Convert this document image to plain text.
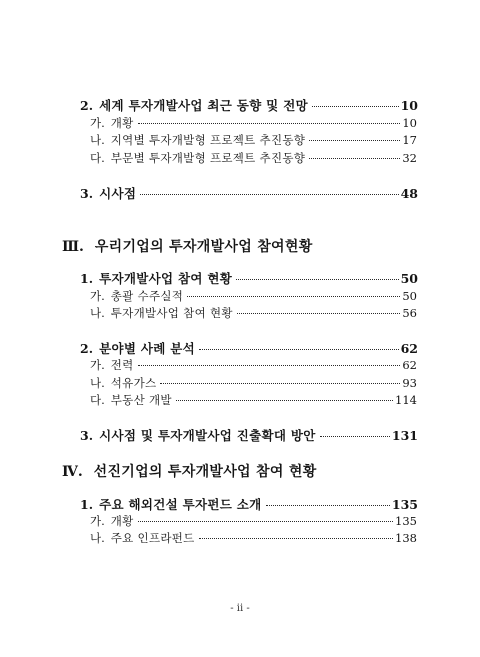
2. 세계 투자개발사업 최근 동향 및 전망	10
가. 개황	10
나. 지역별 투자개발형 프로젝트 추진동향	17
다. 부문별 투자개발형 프로젝트 추진동향	32
3. 시사점	48
Ⅲ. 우리기업의 투자개발사업 참여현황
1. 투자개발사업 참여 현황	50
가. 총괄 수주실적	50
나. 투자개발사업 참여 현황	56
2. 분야별 사례 분석	62
가. 전력	62
나. 석유가스	93
다. 부동산 개발	114
3. 시사점 및 투자개발사업 진출확대 방안	131
Ⅳ. 선진기업의 투자개발사업 참여 현황
1. 주요 해외건설 투자펀드 소개	135
가. 개황	135
나. 주요 인프라펀드	138
- ii -
